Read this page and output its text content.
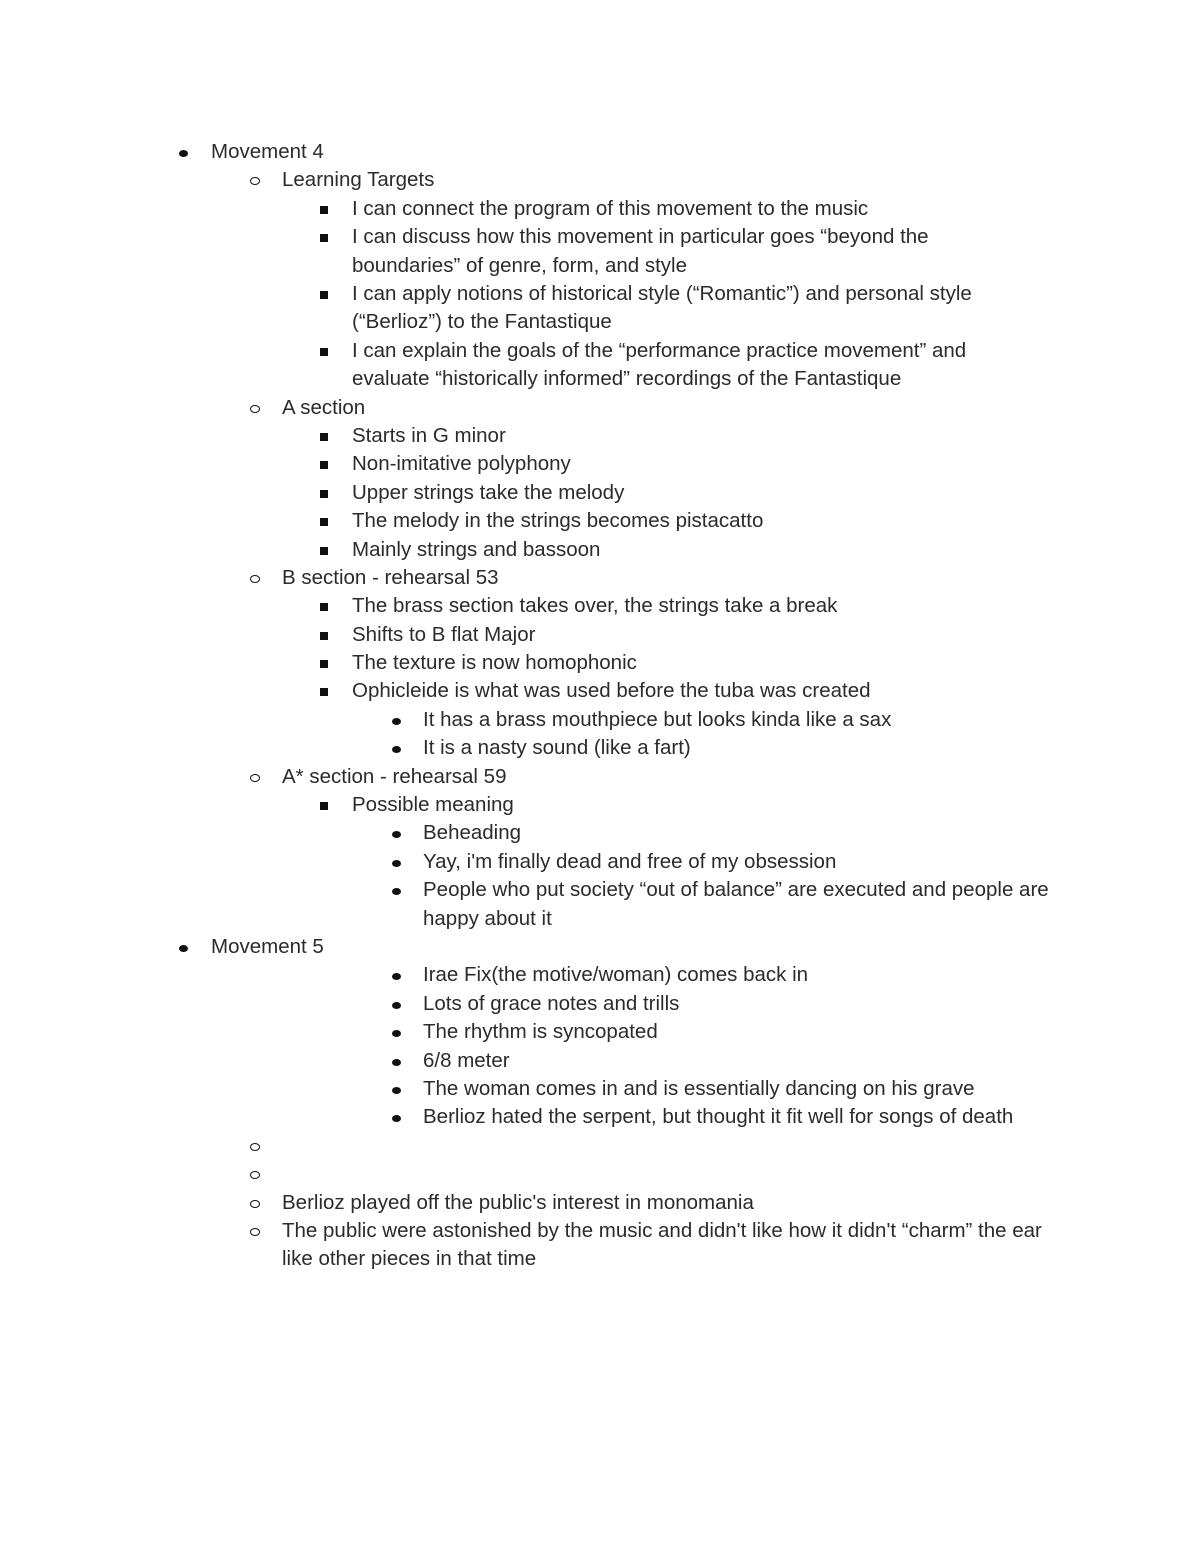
Movement 4
Learning Targets
I can connect the program of this movement to the music
I can discuss how this movement in particular goes “beyond the boundaries” of genre, form, and style
I can apply notions of historical style (“Romantic”) and personal style (“Berlioz”) to the Fantastique
I can explain the goals of the “performance practice movement” and evaluate “historically informed” recordings of the Fantastique
A section
Starts in G minor
Non-imitative polyphony
Upper strings take the melody
The melody in the strings becomes pistacatto
Mainly strings and bassoon
B section - rehearsal 53
The brass section takes over, the strings take a break
Shifts to B flat Major
The texture is now homophonic
Ophicleide is what was used before the tuba was created
It has a brass mouthpiece but looks kinda like a sax
It is a nasty sound (like a fart)
A* section - rehearsal 59
Possible meaning
Beheading
Yay, i'm finally dead and free of my obsession
People who put society “out of balance” are executed and people are happy about it
Movement 5
Irae Fix(the motive/woman) comes back in
Lots of grace notes and trills
The rhythm is syncopated
6/8 meter
The woman comes in and is essentially dancing on his grave
Berlioz hated the serpent, but thought it fit well for songs of death
Berlioz played off the public's interest in monomania
The public were astonished by the music and didn't like how it didn't “charm” the ear like other pieces in that time
